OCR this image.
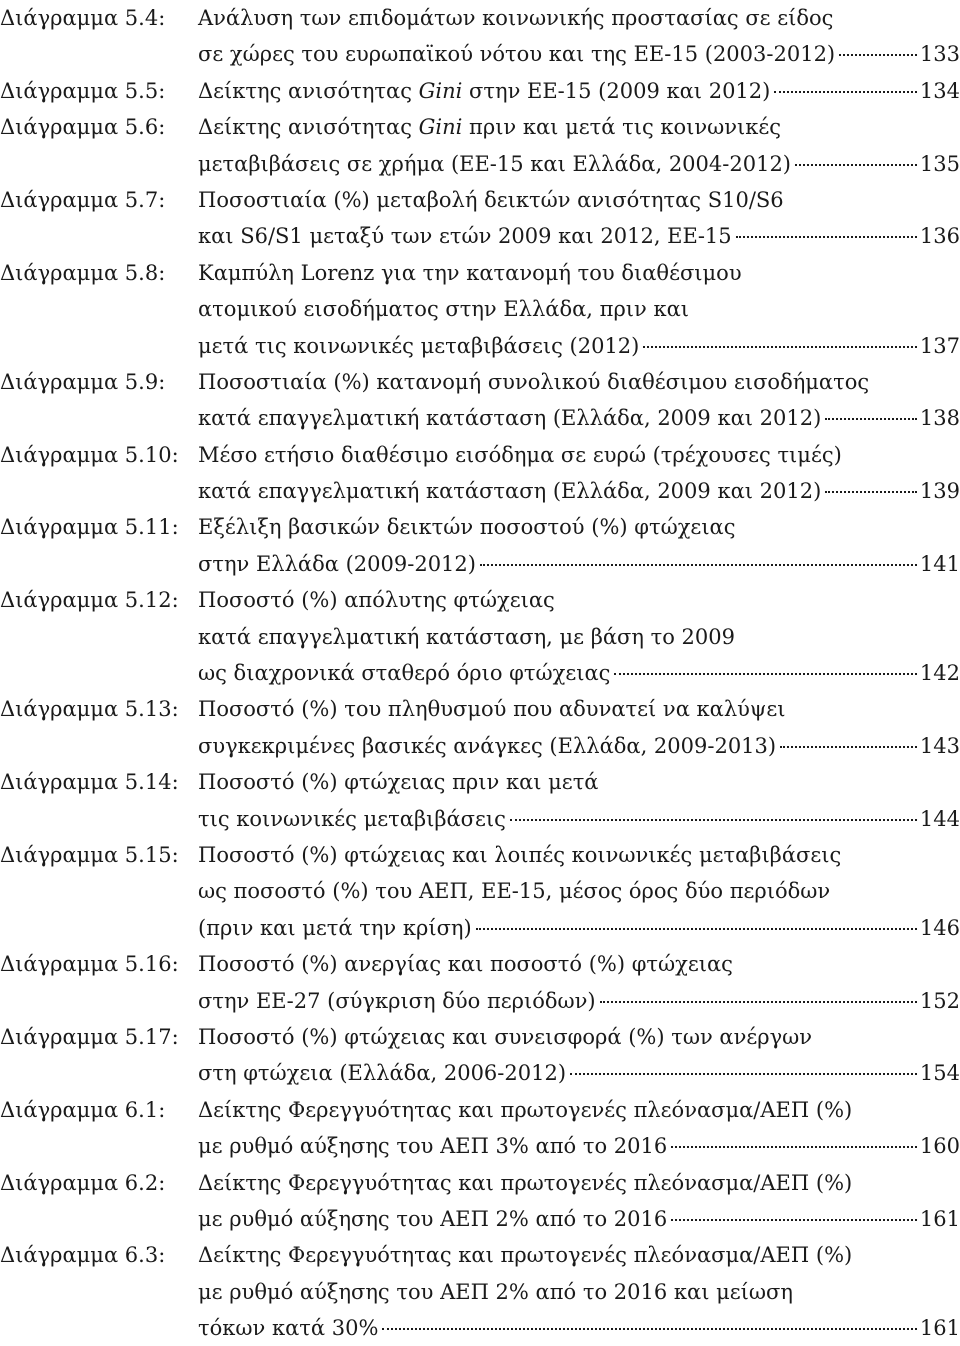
Διάγραμμα 5.4: Ανάλυση των επιδομάτων κοινωνικής προστασίας σε είδος
σε χώρες του ευρωπαϊκού νότου και της ΕΕ-15 (2003-2012)	133
Διάγραμμα 5.5: Δείκτης ανισότητας Gini στην ΕΕ-15 (2009 και 2012)	134
Διάγραμμα 5.6: Δείκτης ανισότητας Gini πριν και μετά τις κοινωνικές
μεταβιβάσεις σε χρήμα (ΕΕ-15 και Ελλάδα, 2004-2012)	135
Διάγραμμα 5.7: Ποσοστιαία (%) μεταβολή δεικτών ανισότητας S10/S6
και S6/S1 μεταξύ των ετών 2009 και 2012, ΕΕ-15	136
Διάγραμμα 5.8: Καμπύλη Lorenz για την κατανομή του διαθέσιμου
ατομικού εισοδήματος στην Ελλάδα, πριν και
μετά τις κοινωνικές μεταβιβάσεις (2012)	137
Διάγραμμα 5.9: Ποσοστιαία (%) κατανομή συνολικού διαθέσιμου εισοδήματος
κατά επαγγελματική κατάσταση (Ελλάδα, 2009 και 2012)	138
Διάγραμμα 5.10: Μέσο ετήσιο διαθέσιμο εισόδημα σε ευρώ (τρέχουσες τιμές)
κατά επαγγελματική κατάσταση (Ελλάδα, 2009 και 2012)	139
Διάγραμμα 5.11: Εξέλιξη βασικών δεικτών ποσοστού (%) φτώχειας
στην Ελλάδα (2009-2012)	141
Διάγραμμα 5.12: Ποσοστό (%) απόλυτης φτώχειας
κατά επαγγελματική κατάσταση, με βάση το 2009
ως διαχρονικά σταθερό όριο φτώχειας	142
Διάγραμμα 5.13: Ποσοστό (%) του πληθυσμού που αδυνατεί να καλύψει
συγκεκριμένες βασικές ανάγκες (Ελλάδα, 2009-2013)	143
Διάγραμμα 5.14: Ποσοστό (%) φτώχειας πριν και μετά
τις κοινωνικές μεταβιβάσεις	144
Διάγραμμα 5.15: Ποσοστό (%) φτώχειας και λοιπές κοινωνικές μεταβιβάσεις
ως ποσοστό (%) του ΑΕΠ, ΕΕ-15, μέσος όρος δύο περιόδων
(πριν και μετά την κρίση)	146
Διάγραμμα 5.16: Ποσοστό (%) ανεργίας και ποσοστό (%) φτώχειας
στην ΕΕ-27 (σύγκριση δύο περιόδων)	152
Διάγραμμα 5.17: Ποσοστό (%) φτώχειας και συνεισφορά (%) των ανέργων
στη φτώχεια (Ελλάδα, 2006-2012)	154
Διάγραμμα 6.1: Δείκτης Φερεγγυότητας και πρωτογενές πλεόνασμα/ΑΕΠ (%)
με ρυθμό αύξησης του ΑΕΠ 3% από το 2016	160
Διάγραμμα 6.2: Δείκτης Φερεγγυότητας και πρωτογενές πλεόνασμα/ΑΕΠ (%)
με ρυθμό αύξησης του ΑΕΠ 2% από το 2016	161
Διάγραμμα 6.3: Δείκτης Φερεγγυότητας και πρωτογενές πλεόνασμα/ΑΕΠ (%)
με ρυθμό αύξησης του ΑΕΠ 2% από το 2016 και μείωση
τόκων κατά 30%	161
